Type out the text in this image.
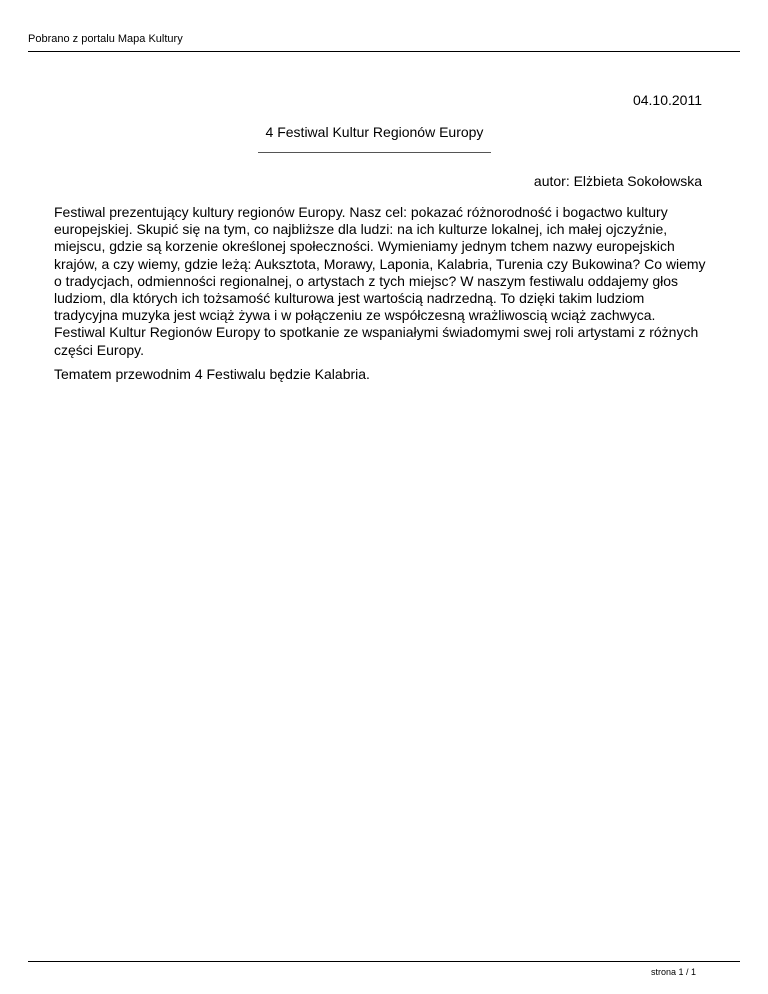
Pobrano z portalu Mapa Kultury
04.10.2011
4 Festiwal Kultur Regionów Europy
autor: Elżbieta Sokołowska

Festiwal prezentujący kultury regionów Europy. Nasz cel: pokazać różnorodność i bogactwo kultury europejskiej. Skupić się na tym, co najbliższe dla ludzi: na ich kulturze lokalnej, ich małej ojczyźnie, miejscu, gdzie są korzenie określonej społeczności. Wymieniamy jednym tchem nazwy europejskich krajów, a czy wiemy, gdzie leżą: Auksztota, Morawy, Laponia, Kalabria, Turenia czy Bukowina? Co wiemy o tradycjach, odmienności regionalnej, o artystach z tych miejsc? W naszym festiwalu oddajemy głos ludziom, dla których ich tożsamość kulturowa jest wartością nadrzedną. To dzięki takim ludziom tradycyjna muzyka jest wciąż żywa i w połączeniu ze współczesną wrażliwoscią wciąż zachwyca. Festiwal Kultur Regionów Europy to spotkanie ze wspaniałymi świadomymi swej roli artystami z różnych części Europy.

Tematem przewodnim 4 Festiwalu będzie Kalabria.

strona 1 / 1
